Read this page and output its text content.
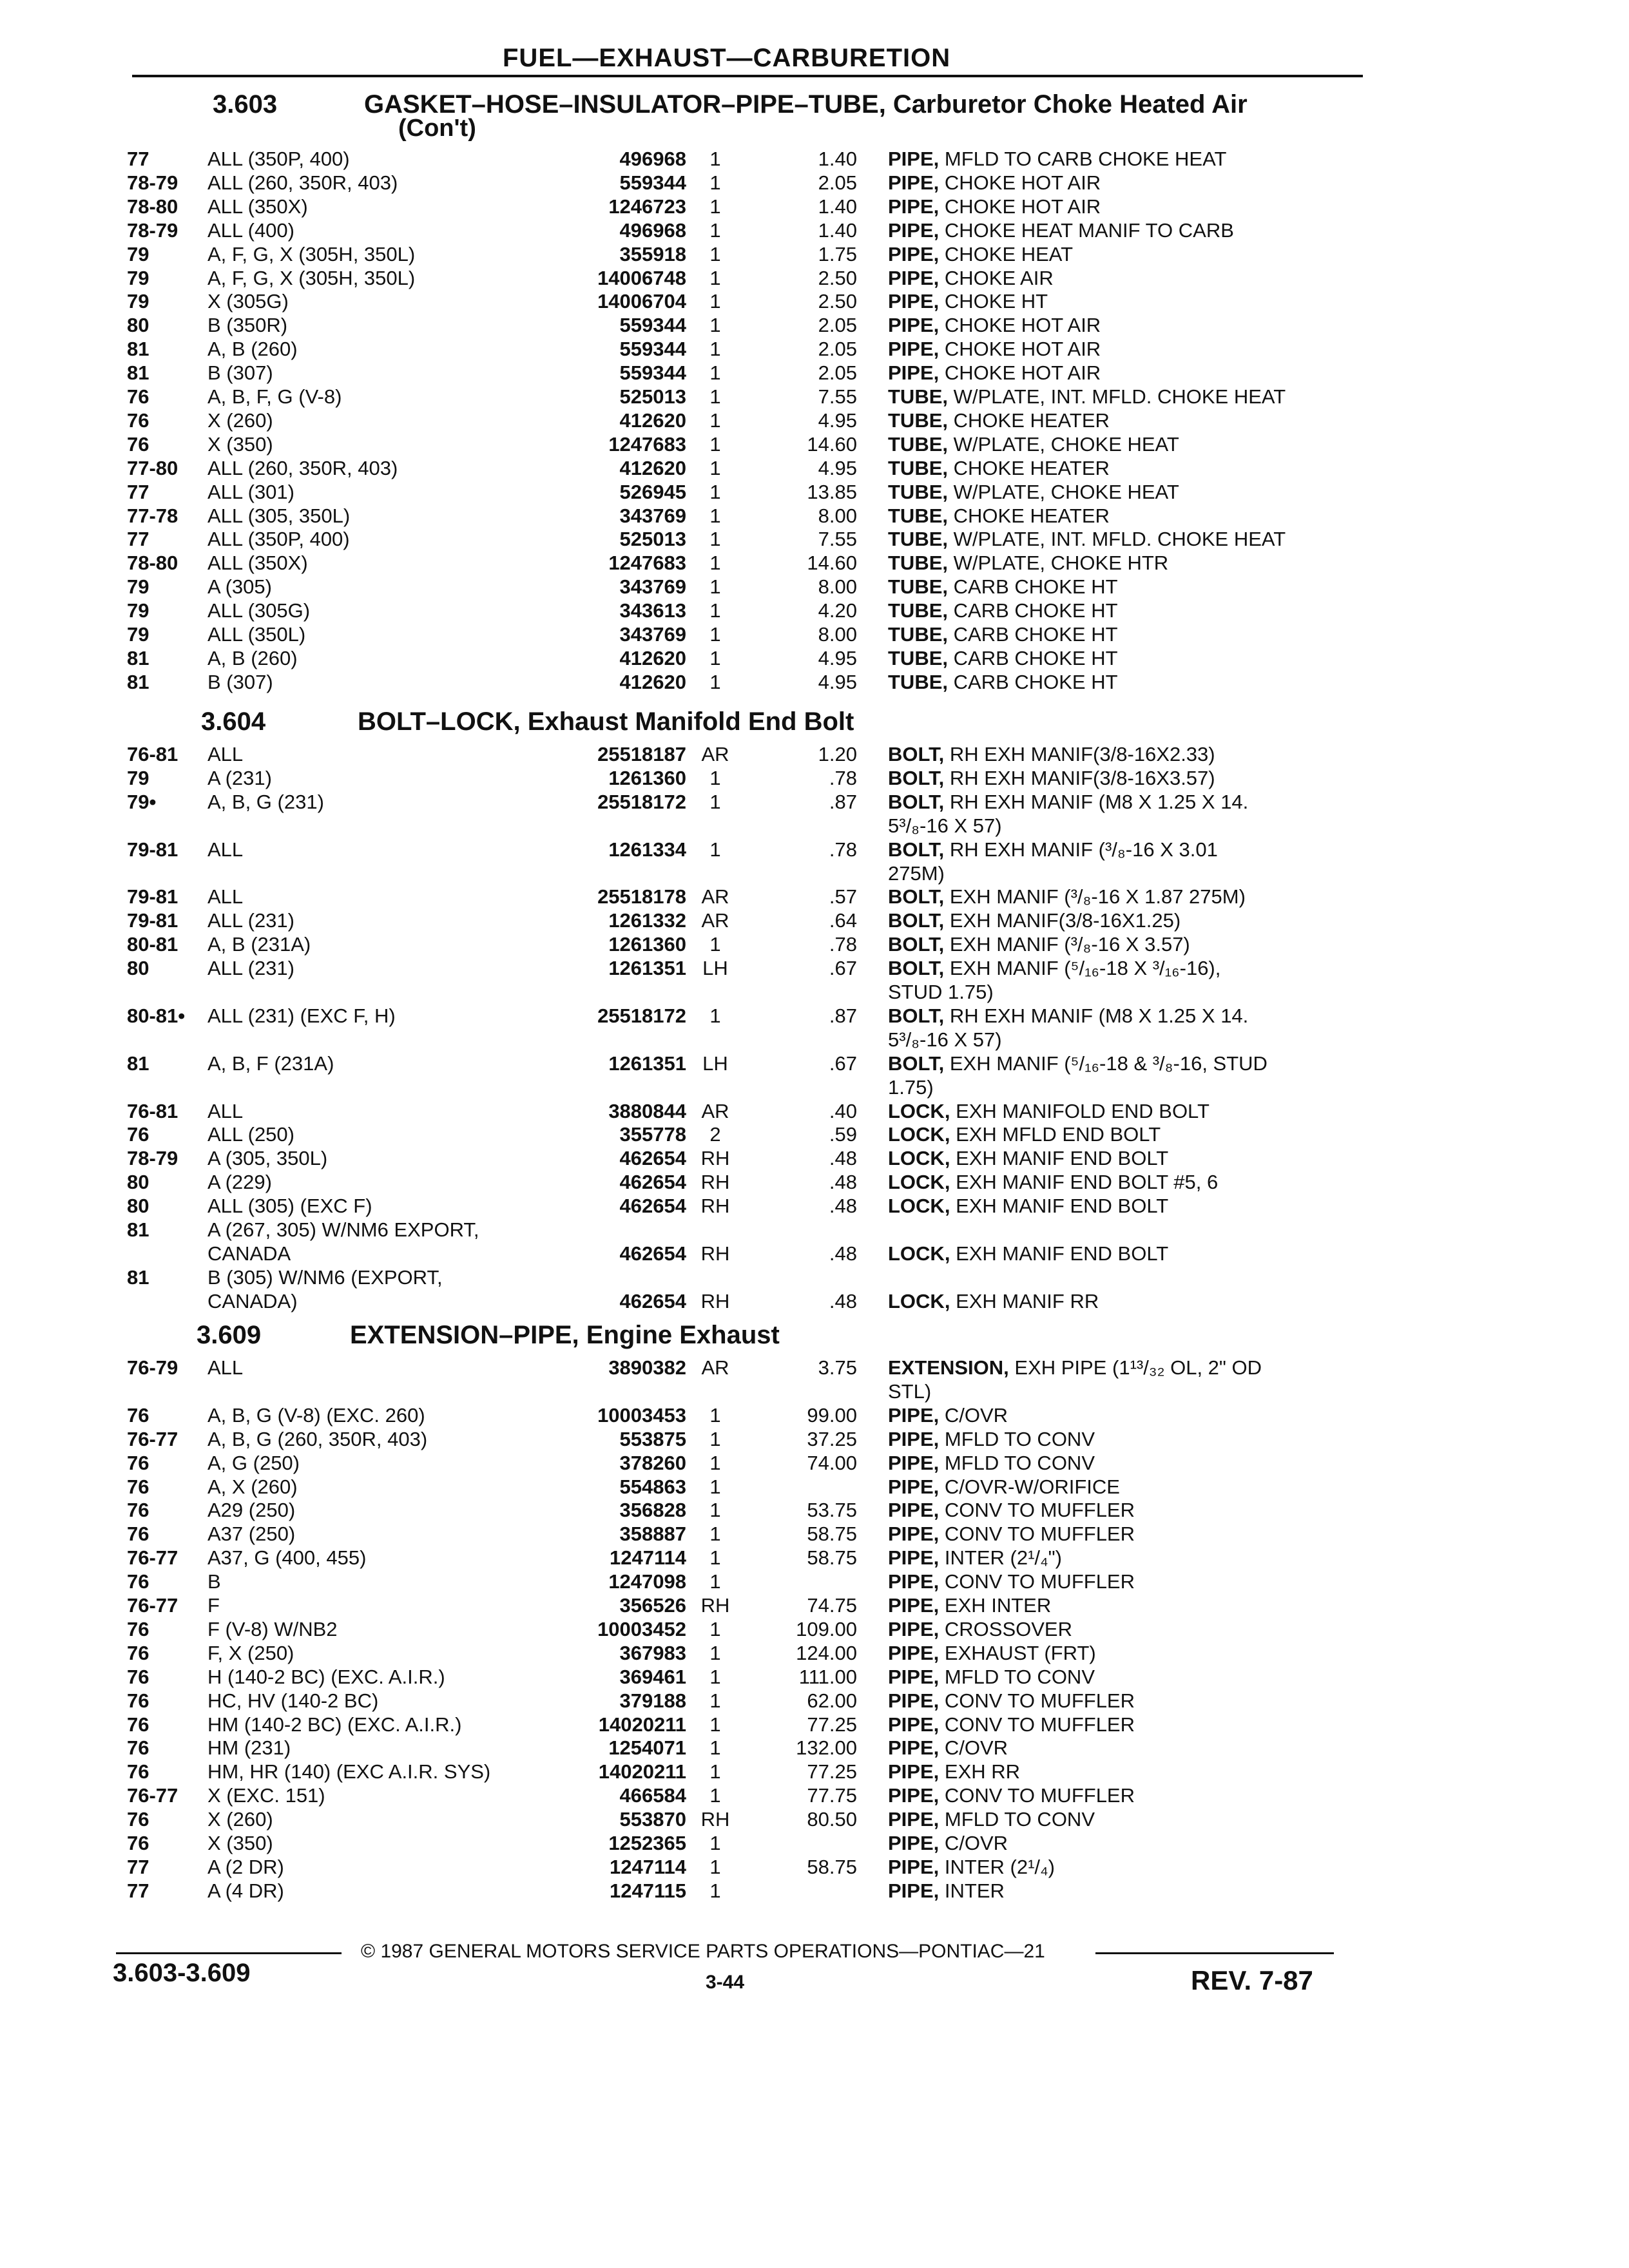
FUEL—EXHAUST—CARBURETION
3.603	GASKET–HOSE–INSULATOR–PIPE–TUBE, Carburetor Choke Heated Air
(Con't)
77	ALL (350P, 400)	496968	1	1.40 PIPE, MFLD TO CARB CHOKE HEAT
78-79 ALL (260, 350R, 403)	559344	1	2.05 PIPE, CHOKE HOT AIR
78-80 ALL (350X)	1246723	1	1.40 PIPE, CHOKE HOT AIR
78-79 ALL (400)	496968	1	1.40 PIPE, CHOKE HEAT MANIF TO CARB
79	A, F, G, X (305H, 350L)	355918	1	1.75 PIPE, CHOKE HEAT
79	A, F, G, X (305H, 350L)	14006748	1	2.50 PIPE, CHOKE AIR
79	X (305G)	14006704	1	2.50 PIPE, CHOKE HT
80	B (350R)	559344	1	2.05 PIPE, CHOKE HOT AIR
81	A, B (260)	559344	1	2.05 PIPE, CHOKE HOT AIR
81	B (307)	559344	1	2.05 PIPE, CHOKE HOT AIR
76	A, B, F, G (V-8)	525013	1	7.55 TUBE, W/PLATE, INT. MFLD. CHOKE HEAT
76	X (260)	412620	1	4.95 TUBE, CHOKE HEATER
76	X (350)	1247683	1	14.60 TUBE, W/PLATE, CHOKE HEAT
77-80 ALL (260, 350R, 403)	412620	1	4.95 TUBE, CHOKE HEATER
77	ALL (301)	526945	1	13.85 TUBE, W/PLATE, CHOKE HEAT
77-78 ALL (305, 350L)	343769	1	8.00 TUBE, CHOKE HEATER
77	ALL (350P, 400)	525013	1	7.55 TUBE, W/PLATE, INT. MFLD. CHOKE HEAT
78-80 ALL (350X)	1247683	1	14.60 TUBE, W/PLATE, CHOKE HTR
79	A (305)	343769	1	8.00 TUBE, CARB CHOKE HT
79	ALL (305G)	343613	1	4.20 TUBE, CARB CHOKE HT
79	ALL (350L)	343769	1	8.00 TUBE, CARB CHOKE HT
81	A, B (260)	412620	1	4.95 TUBE, CARB CHOKE HT
81	B (307)	412620	1	4.95 TUBE, CARB CHOKE HT
3.604	BOLT–LOCK, Exhaust Manifold End Bolt
76-81 ALL	25518187 AR	1.20 BOLT, RH EXH MANIF(3/8-16X2.33)
79	A (231)	1261360	1	.78 BOLT, RH EXH MANIF(3/8-16X3.57)
79•	A, B, G (231)	25518172	1	.87 BOLT, RH EXH MANIF (M8 X 1.25 X 14.
5³/₈-16 X 57)
79-81 ALL	1261334	1	.78 BOLT, RH EXH MANIF (³/₈-16 X 3.01
275M)
79-81 ALL	25518178 AR	.57 BOLT, EXH MANIF (³/₈-16 X 1.87 275M)
79-81 ALL (231)	1261332 AR	.64 BOLT, EXH MANIF(3/8-16X1.25)
80-81 A, B (231A)	1261360	1	.78 BOLT, EXH MANIF (³/₈-16 X 3.57)
80	ALL (231)	1261351 LH	.67 BOLT, EXH MANIF (⁵/₁₆-18 X ³/₁₆-16),
STUD 1.75)
80-81• ALL (231) (EXC F, H)	25518172	1	.87 BOLT, RH EXH MANIF (M8 X 1.25 X 14.
5³/₈-16 X 57)
81	A, B, F (231A)	1261351 LH	.67 BOLT, EXH MANIF (⁵/₁₆-18 & ³/₈-16, STUD
1.75)
76-81 ALL	3880844 AR	.40 LOCK, EXH MANIFOLD END BOLT
76	ALL (250)	355778	2	.59 LOCK, EXH MFLD END BOLT
78-79 A (305, 350L)	462654 RH	.48 LOCK, EXH MANIF END BOLT
80	A (229)	462654 RH	.48 LOCK, EXH MANIF END BOLT #5, 6
80	ALL (305) (EXC F)	462654 RH	.48 LOCK, EXH MANIF END BOLT
81	A (267, 305) W/NM6 EXPORT,
CANADA	462654 RH	.48 LOCK, EXH MANIF END BOLT
81	B (305) W/NM6 (EXPORT,
CANADA)	462654 RH	.48 LOCK, EXH MANIF RR
3.609	EXTENSION–PIPE, Engine Exhaust
76-79 ALL	3890382 AR	3.75 EXTENSION, EXH PIPE (1¹³/₃₂ OL, 2" OD
STL)
76	A, B, G (V-8) (EXC. 260)	10003453	1	99.00 PIPE, C/OVR
76-77 A, B, G (260, 350R, 403)	553875	1	37.25 PIPE, MFLD TO CONV
76	A, G (250)	378260	1	74.00 PIPE, MFLD TO CONV
76	A, X (260)	554863	1	PIPE, C/OVR-W/ORIFICE
76	A29 (250)	356828	1	53.75 PIPE, CONV TO MUFFLER
76	A37 (250)	358887	1	58.75 PIPE, CONV TO MUFFLER
76-77 A37, G (400, 455)	1247114	1	58.75 PIPE, INTER (2¹/₄")
76	B	1247098	1	PIPE, CONV TO MUFFLER
76-77 F	356526 RH	74.75 PIPE, EXH INTER
76	F (V-8) W/NB2	10003452	1	109.00 PIPE, CROSSOVER
76	F, X (250)	367983	1	124.00 PIPE, EXHAUST (FRT)
76	H (140-2 BC) (EXC. A.I.R.)	369461	1	111.00 PIPE, MFLD TO CONV
76	HC, HV (140-2 BC)	379188	1	62.00 PIPE, CONV TO MUFFLER
76	HM (140-2 BC) (EXC. A.I.R.)	14020211	1	77.25 PIPE, CONV TO MUFFLER
76	HM (231)	1254071	1	132.00 PIPE, C/OVR
76	HM, HR (140) (EXC A.I.R. SYS)	14020211	1	77.25 PIPE, EXH RR
76-77 X (EXC. 151)	466584	1	77.75 PIPE, CONV TO MUFFLER
76	X (260)	553870 RH	80.50 PIPE, MFLD TO CONV
76	X (350)	1252365	1	PIPE, C/OVR
77	A (2 DR)	1247114	1	58.75 PIPE, INTER (2¹/₄)
77	A (4 DR)	1247115	1	PIPE, INTER
© 1987 GENERAL MOTORS SERVICE PARTS OPERATIONS—PONTIAC—21
3.603-3.609	3-44	REV. 7-87
